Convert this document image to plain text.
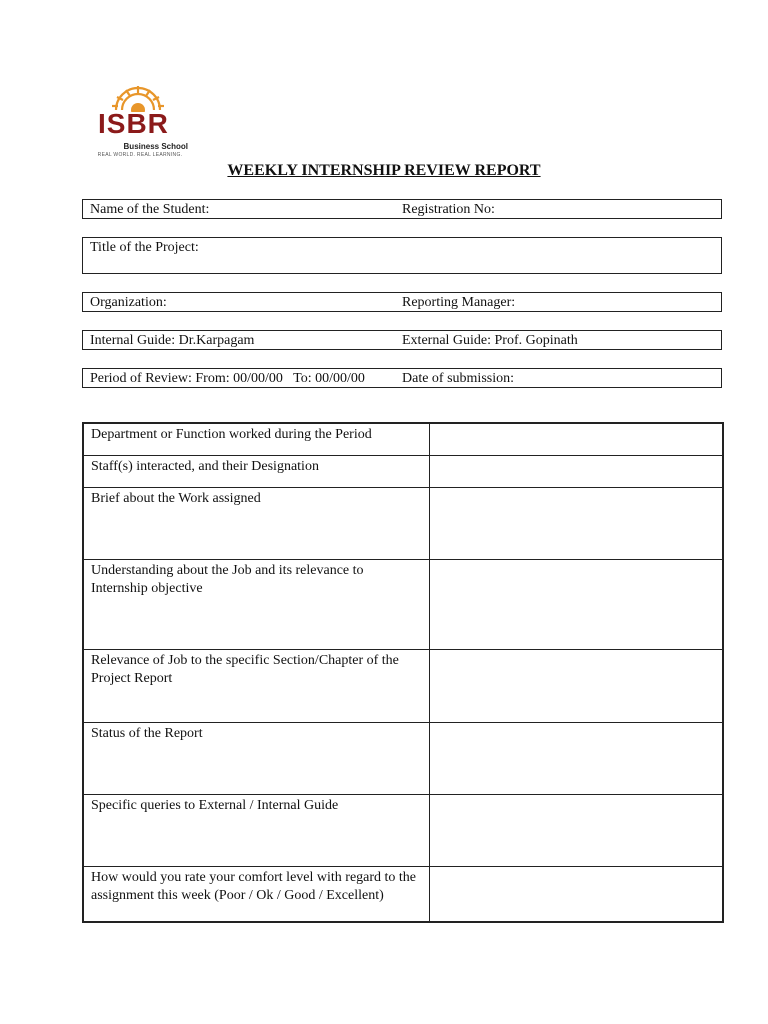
ISBR
Business School
REAL WORLD. REAL LEARNING.
WEEKLY INTERNSHIP REVIEW REPORT
Name of the Student:	Registration No:
Title of the Project:
Organization:	Reporting Manager:
Internal Guide: Dr.Karpagam	External Guide: Prof. Gopinath
Period of Review: From: 00/00/00   To: 00/00/00	Date of submission:
Department or Function worked during the Period	
Staff(s) interacted, and their Designation	
Brief about the Work assigned	
Understanding about the Job and its relevance to Internship objective	
Relevance of Job to the specific Section/Chapter of the Project Report	
Status of the Report	
Specific queries to External / Internal Guide	
How would you rate your comfort level with regard to the assignment this week (Poor / Ok / Good / Excellent)	
